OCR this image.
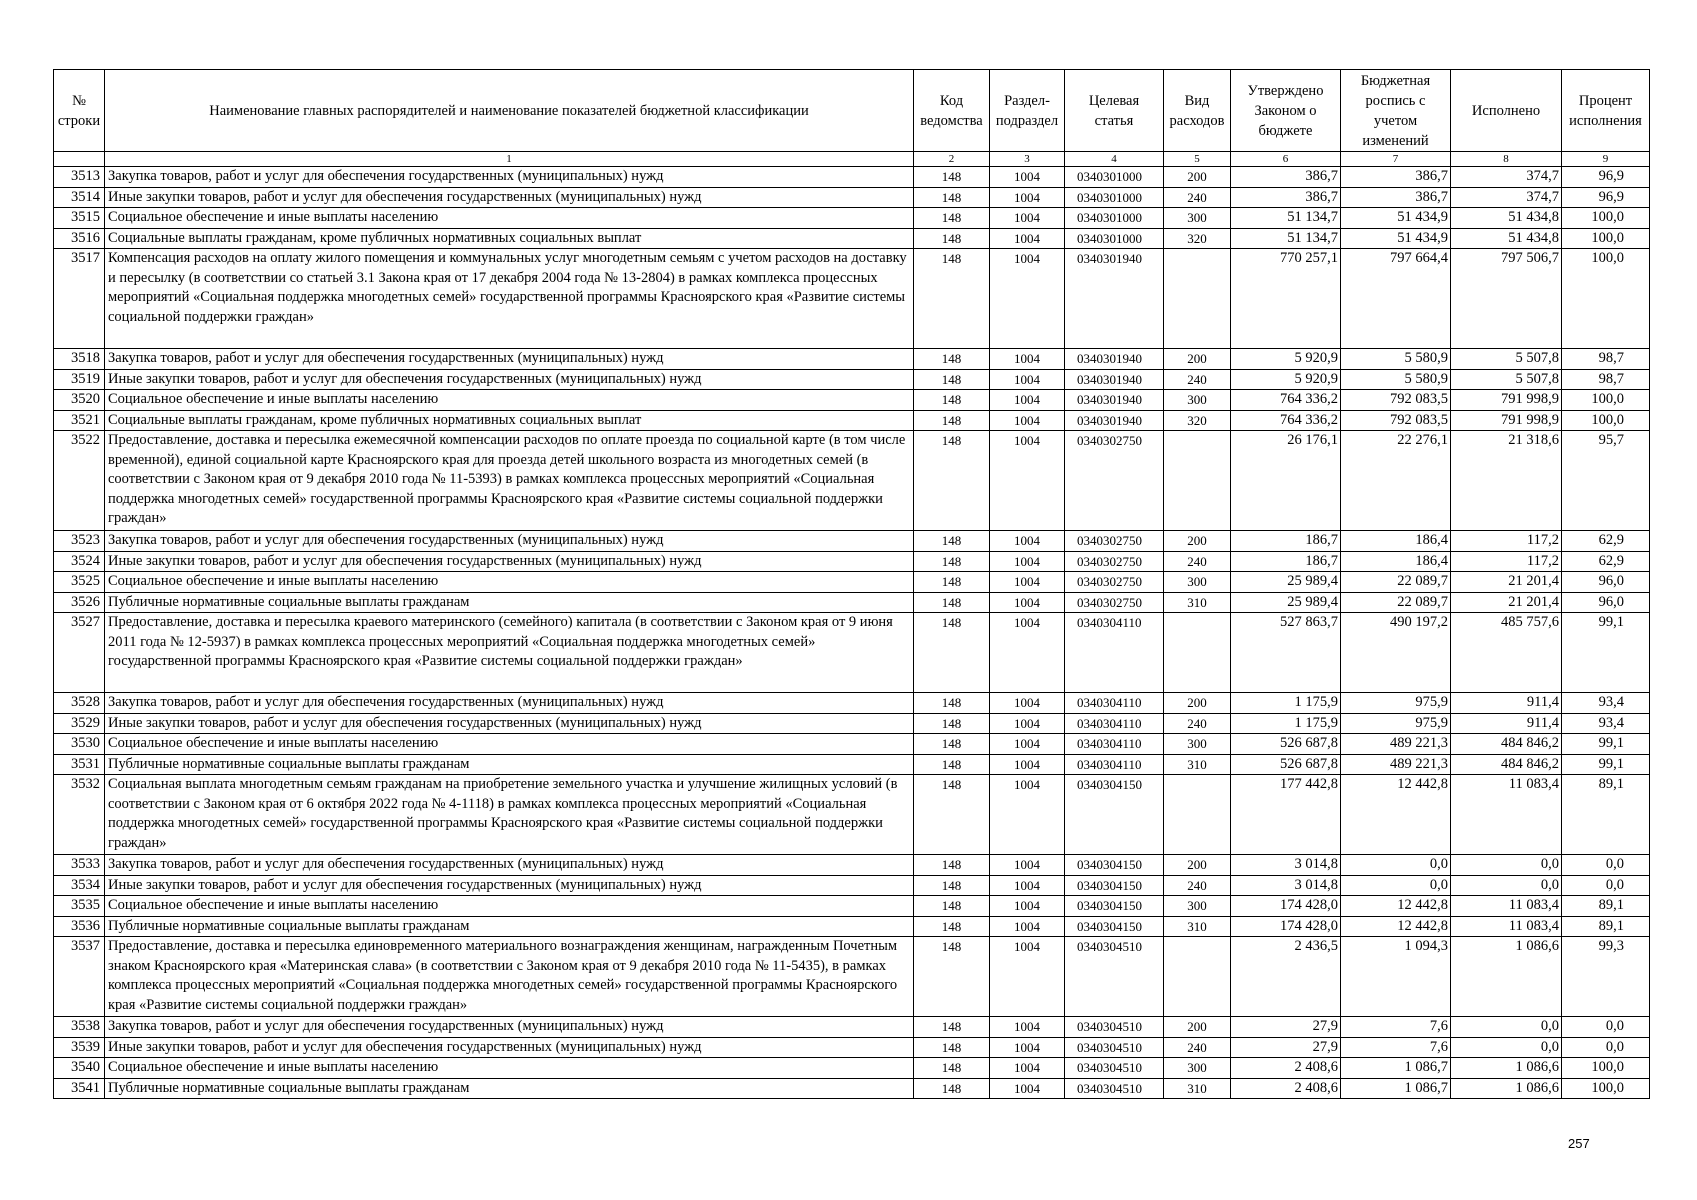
№ строки	Наименование главных распорядителей и наименование показателей бюджетной классификации	Код ведомства	Раздел-подраздел	Целевая статья	Вид расходов	Утверждено Законом о бюджете	Бюджетная роспись с учетом изменений	Исполнено	Процент исполнения
	1	2	3	4	5	6	7	8	9
3513	Закупка товаров, работ и услуг для обеспечения государственных (муниципальных) нужд	148	1004	0340301000	200	386,7	386,7	374,7	96,9
3514	Иные закупки товаров, работ и услуг для обеспечения государственных (муниципальных) нужд	148	1004	0340301000	240	386,7	386,7	374,7	96,9
3515	Социальное обеспечение и иные выплаты населению	148	1004	0340301000	300	51 134,7	51 434,9	51 434,8	100,0
3516	Социальные выплаты гражданам, кроме публичных нормативных социальных выплат	148	1004	0340301000	320	51 134,7	51 434,9	51 434,8	100,0
3517	Компенсация расходов на оплату жилого помещения и коммунальных услуг многодетным семьям с учетом расходов на доставку и пересылку (в соответствии со статьей 3.1 Закона края от 17 декабря 2004 года № 13-2804) в рамках комплекса процессных мероприятий «Социальная поддержка многодетных семей» государственной программы Красноярского края «Развитие системы социальной поддержки граждан»	148	1004	0340301940		770 257,1	797 664,4	797 506,7	100,0
3518	Закупка товаров, работ и услуг для обеспечения государственных (муниципальных) нужд	148	1004	0340301940	200	5 920,9	5 580,9	5 507,8	98,7
3519	Иные закупки товаров, работ и услуг для обеспечения государственных (муниципальных) нужд	148	1004	0340301940	240	5 920,9	5 580,9	5 507,8	98,7
3520	Социальное обеспечение и иные выплаты населению	148	1004	0340301940	300	764 336,2	792 083,5	791 998,9	100,0
3521	Социальные выплаты гражданам, кроме публичных нормативных социальных выплат	148	1004	0340301940	320	764 336,2	792 083,5	791 998,9	100,0
3522	Предоставление, доставка и пересылка ежемесячной компенсации расходов по оплате проезда по социальной карте (в том числе временной), единой социальной карте Красноярского края для проезда детей школьного возраста из многодетных семей (в соответствии с Законом края от 9 декабря 2010 года № 11-5393) в рамках комплекса процессных мероприятий «Социальная поддержка многодетных семей» государственной программы Красноярского края «Развитие системы социальной поддержки граждан»	148	1004	0340302750		26 176,1	22 276,1	21 318,6	95,7
3523	Закупка товаров, работ и услуг для обеспечения государственных (муниципальных) нужд	148	1004	0340302750	200	186,7	186,4	117,2	62,9
3524	Иные закупки товаров, работ и услуг для обеспечения государственных (муниципальных) нужд	148	1004	0340302750	240	186,7	186,4	117,2	62,9
3525	Социальное обеспечение и иные выплаты населению	148	1004	0340302750	300	25 989,4	22 089,7	21 201,4	96,0
3526	Публичные нормативные социальные выплаты гражданам	148	1004	0340302750	310	25 989,4	22 089,7	21 201,4	96,0
3527	Предоставление, доставка и пересылка краевого материнского (семейного) капитала (в соответствии с Законом края от 9 июня 2011 года № 12-5937) в рамках комплекса процессных мероприятий «Социальная поддержка многодетных семей» государственной программы Красноярского края «Развитие системы социальной поддержки граждан»	148	1004	0340304110		527 863,7	490 197,2	485 757,6	99,1
3528	Закупка товаров, работ и услуг для обеспечения государственных (муниципальных) нужд	148	1004	0340304110	200	1 175,9	975,9	911,4	93,4
3529	Иные закупки товаров, работ и услуг для обеспечения государственных (муниципальных) нужд	148	1004	0340304110	240	1 175,9	975,9	911,4	93,4
3530	Социальное обеспечение и иные выплаты населению	148	1004	0340304110	300	526 687,8	489 221,3	484 846,2	99,1
3531	Публичные нормативные социальные выплаты гражданам	148	1004	0340304110	310	526 687,8	489 221,3	484 846,2	99,1
3532	Социальная выплата многодетным семьям гражданам на приобретение земельного участка и улучшение жилищных условий (в соответствии с Законом края от 6 октября 2022 года № 4-1118) в рамках комплекса процессных мероприятий «Социальная поддержка многодетных семей» государственной программы Красноярского края «Развитие системы социальной поддержки граждан»	148	1004	0340304150		177 442,8	12 442,8	11 083,4	89,1
3533	Закупка товаров, работ и услуг для обеспечения государственных (муниципальных) нужд	148	1004	0340304150	200	3 014,8	0,0	0,0	0,0
3534	Иные закупки товаров, работ и услуг для обеспечения государственных (муниципальных) нужд	148	1004	0340304150	240	3 014,8	0,0	0,0	0,0
3535	Социальное обеспечение и иные выплаты населению	148	1004	0340304150	300	174 428,0	12 442,8	11 083,4	89,1
3536	Публичные нормативные социальные выплаты гражданам	148	1004	0340304150	310	174 428,0	12 442,8	11 083,4	89,1
3537	Предоставление, доставка и пересылка единовременного материального вознаграждения женщинам, награжденным Почетным знаком Красноярского края «Материнская слава» (в соответствии с Законом края от 9 декабря 2010 года № 11-5435), в рамках комплекса процессных мероприятий «Социальная поддержка многодетных семей» государственной программы Красноярского края «Развитие системы социальной поддержки граждан»	148	1004	0340304510		2 436,5	1 094,3	1 086,6	99,3
3538	Закупка товаров, работ и услуг для обеспечения государственных (муниципальных) нужд	148	1004	0340304510	200	27,9	7,6	0,0	0,0
3539	Иные закупки товаров, работ и услуг для обеспечения государственных (муниципальных) нужд	148	1004	0340304510	240	27,9	7,6	0,0	0,0
3540	Социальное обеспечение и иные выплаты населению	148	1004	0340304510	300	2 408,6	1 086,7	1 086,6	100,0
3541	Публичные нормативные социальные выплаты гражданам	148	1004	0340304510	310	2 408,6	1 086,7	1 086,6	100,0
257
